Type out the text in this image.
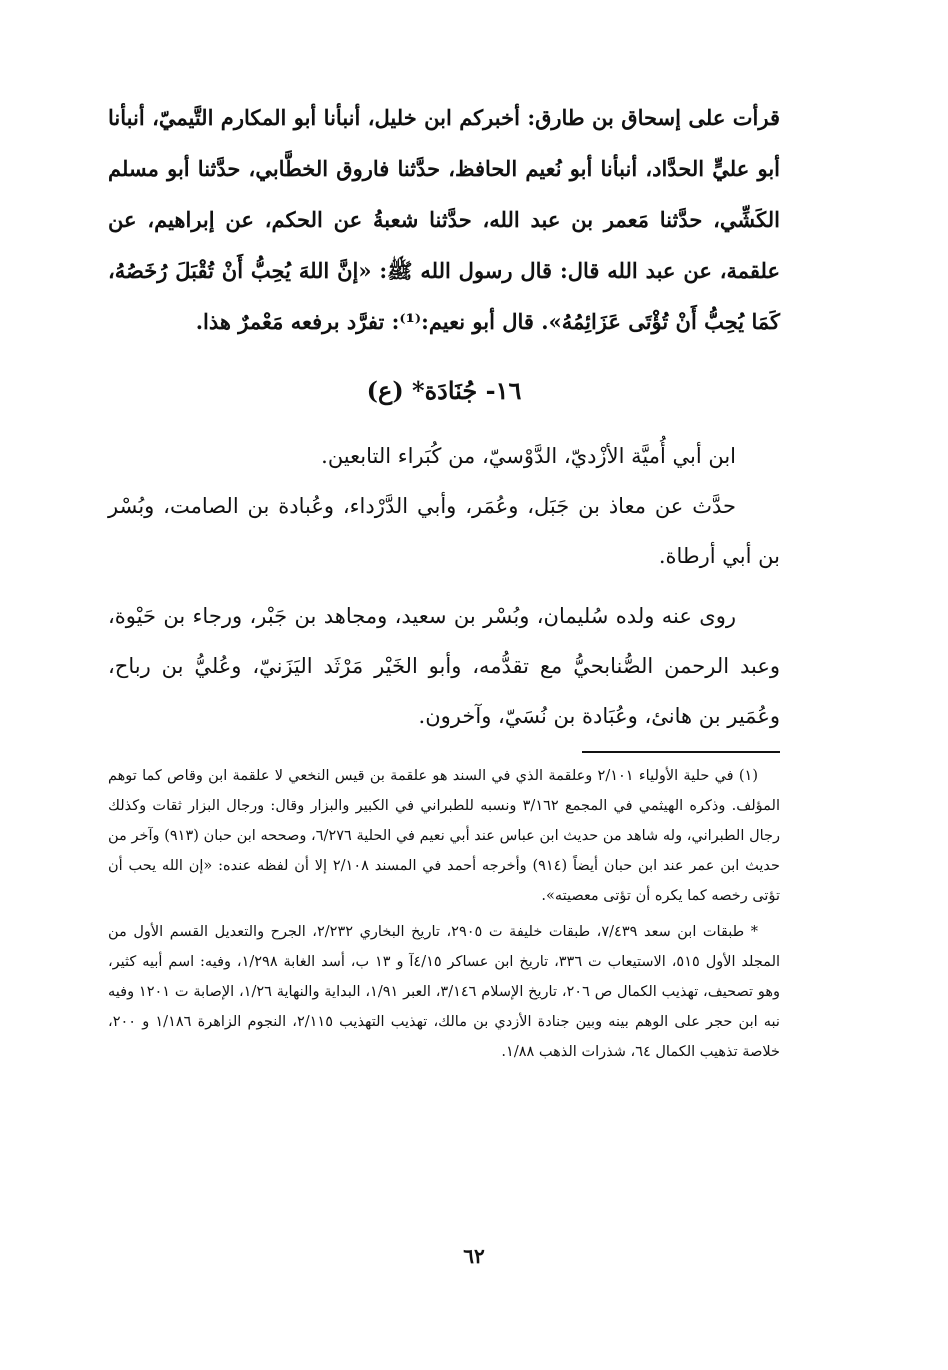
قرأت على إسحاق بن طارق: أخبركم ابن خليل، أنبأنا أبو المكارم التَّيميّ، أنبأنا أبو عليٍّ الحدَّاد، أنبأنا أبو نُعيم الحافظ، حدَّثنا فاروق الخطَّابي، حدَّثنا أبو مسلم الكَشِّي، حدَّثنا مَعمر بن عبد الله، حدَّثنا شعبةُ عن الحكم، عن إبراهيم، عن علقمة، عن عبد الله قال: قال رسول الله ﷺ: «إنَّ اللهَ يُحِبُّ أَنْ تُقْبَلَ رُخَصُهُ، كَمَا يُحِبُّ أَنْ تُؤْتَى عَزَائِمُهُ». قال أبو نعيم:⁽¹⁾: تفرَّد برفعه مَعْمرٌ هذا.

١٦- جُنَادَة* (ع)

ابن أبي أُميَّة الأزْديّ، الدَّوْسيّ، من كُبَراء التابعين.

حدَّث عن معاذ بن جَبَل، وعُمَر، وأبي الدَّرْداء، وعُبادة بن الصامت، وبُسْر بن أبي أرطاة.

روى عنه ولده سُليمان، وبُسْر بن سعيد، ومجاهد بن جَبْر، ورجاء بن حَيْوة، وعبد الرحمن الصُّنابحيُّ مع تقدُّمه، وأبو الخَيْر مَرْثَد اليَزَنيّ، وعُليُّ بن رباح، وعُمَير بن هانئ، وعُبَادة بن نُسَيّ، وآخرون.

(١) في حلية الأولياء ٢/١٠١ وعلقمة الذي في السند هو علقمة بن قيس النخعي لا علقمة ابن وقاص كما توهم المؤلف. وذكره الهيثمي في المجمع ٣/١٦٢ ونسبه للطبراني في الكبير والبزار وقال: ورجال البزار ثقات وكذلك رجال الطبراني، وله شاهد من حديث ابن عباس عند أبي نعيم في الحلية ٦/٢٧٦، وصححه ابن حبان (٩١٣) وآخر من حديث ابن عمر عند ابن حبان أيضاً (٩١٤) وأخرجه أحمد في المسند ٢/١٠٨ إلا أن لفظه عنده: «إن الله يحب أن تؤتى رخصه كما يكره أن تؤتى معصيته».

* طبقات ابن سعد ٧/٤٣٩، طبقات خليفة ت ٢٩٠٥، تاريخ البخاري ٢/٢٣٢، الجرح والتعديل القسم الأول من المجلد الأول ٥١٥، الاستيعاب ت ٣٣٦، تاريخ ابن عساكر ٤/١٥آ و ١٣ ب، أسد الغابة ١/٢٩٨، وفيه: اسم أبيه كثير، وهو تصحيف، تهذيب الكمال ص ٢٠٦، تاريخ الإسلام ٣/١٤٦، العبر ١/٩١، البداية والنهاية ١/٢٦، الإصابة ت ١٢٠١ وفيه نبه ابن حجر على الوهم بينه وبين جنادة الأزدي بن مالك، تهذيب التهذيب ٢/١١٥، النجوم الزاهرة ١/١٨٦ و ٢٠٠، خلاصة تذهيب الكمال ٦٤، شذرات الذهب ١/٨٨.

٦٢
